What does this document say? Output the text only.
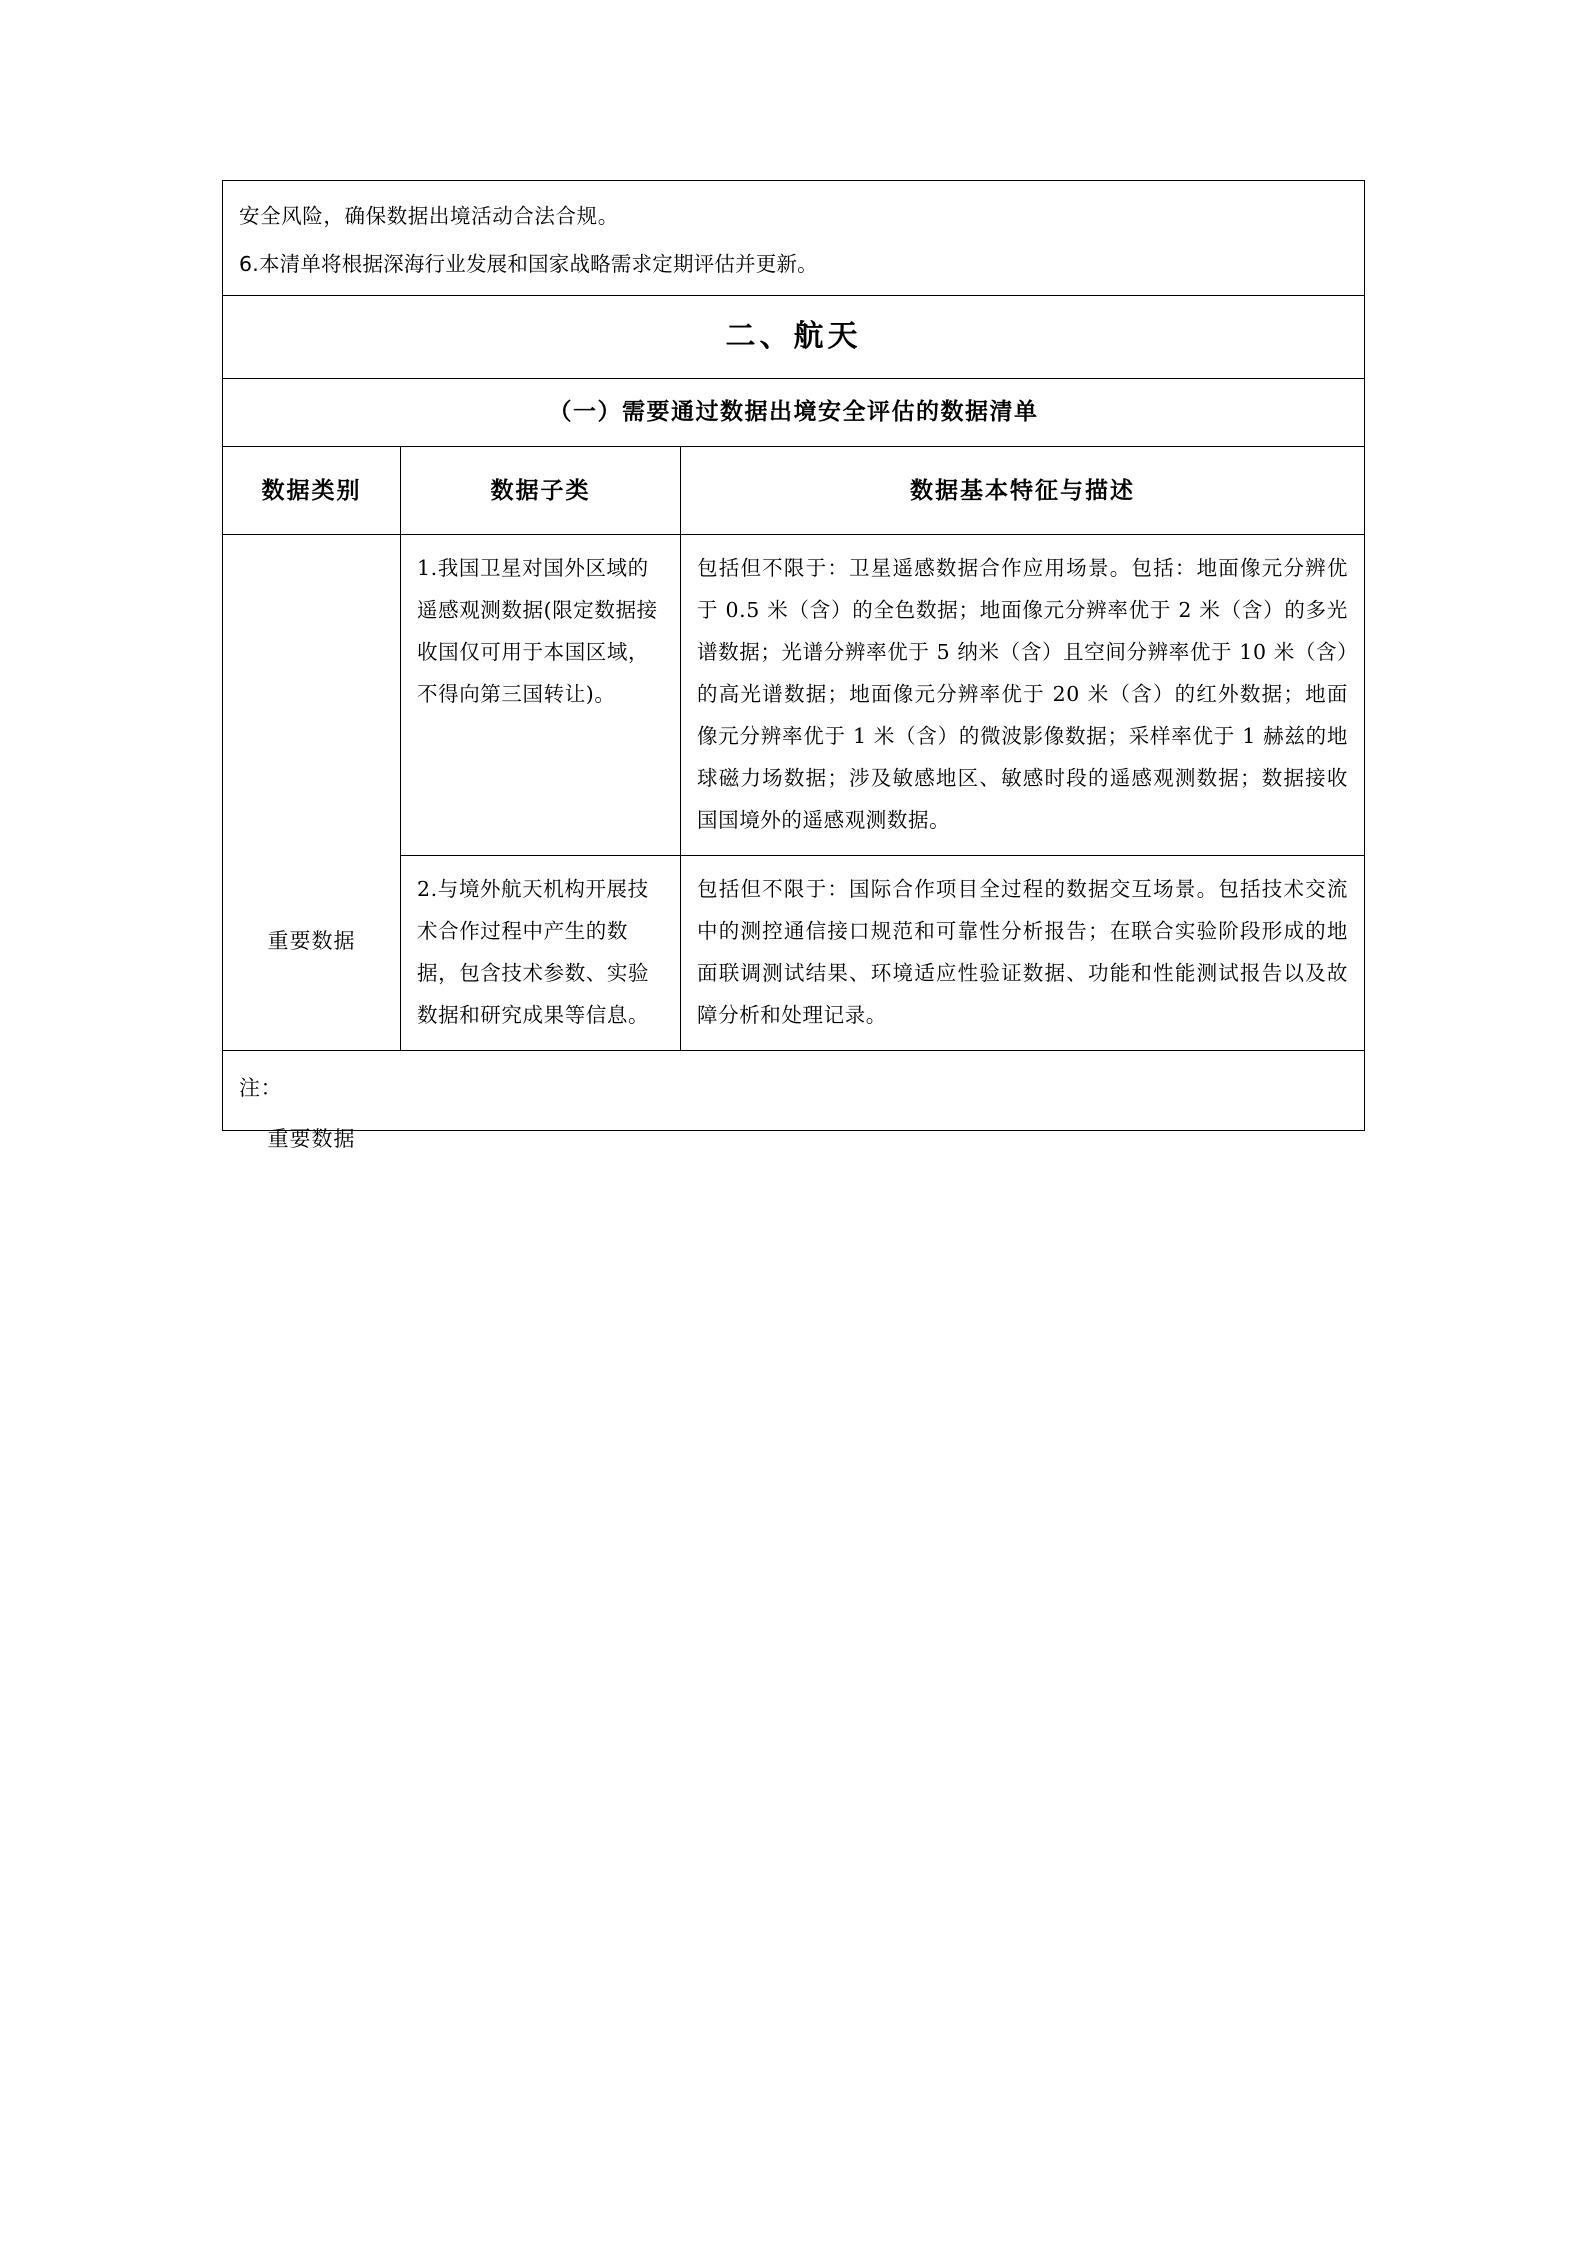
安全风险，确保数据出境活动合法合规。
6.本清单将根据深海行业发展和国家战略需求定期评估并更新。		

二、航天		
（一）需要通过数据出境安全评估的数据清单		
数据类别	数据子类	数据基本特征与描述

重要数据
重要数据	1.我国卫星对国外区域的遥感观测数据(限定数据接收国仅可用于本国区域，不得向第三国转让)。	包括但不限于：卫星遥感数据合作应用场景。包括：地面像元分辨优于 0.5 米（含）的全色数据；地面像元分辨率优于 2 米（含）的多光谱数据；光谱分辨率优于 5 纳米（含）且空间分辨率优于 10 米（含）的高光谱数据；地面像元分辨率优于 20 米（含）的红外数据；地面像元分辨率优于 1 米（含）的微波影像数据；采样率优于 1 赫兹的地球磁力场数据；涉及敏感地区、敏感时段的遥感观测数据；数据接收国国境外的遥感观测数据。
	2.与境外航天机构开展技术合作过程中产生的数据，包含技术参数、实验数据和研究成果等信息。	包括但不限于：国际合作项目全过程的数据交互场景。包括技术交流中的测控通信接口规范和可靠性分析报告；在联合实验阶段形成的地面联调测试结果、环境适应性验证数据、功能和性能测试报告以及故障分析和处理记录。
注：		
